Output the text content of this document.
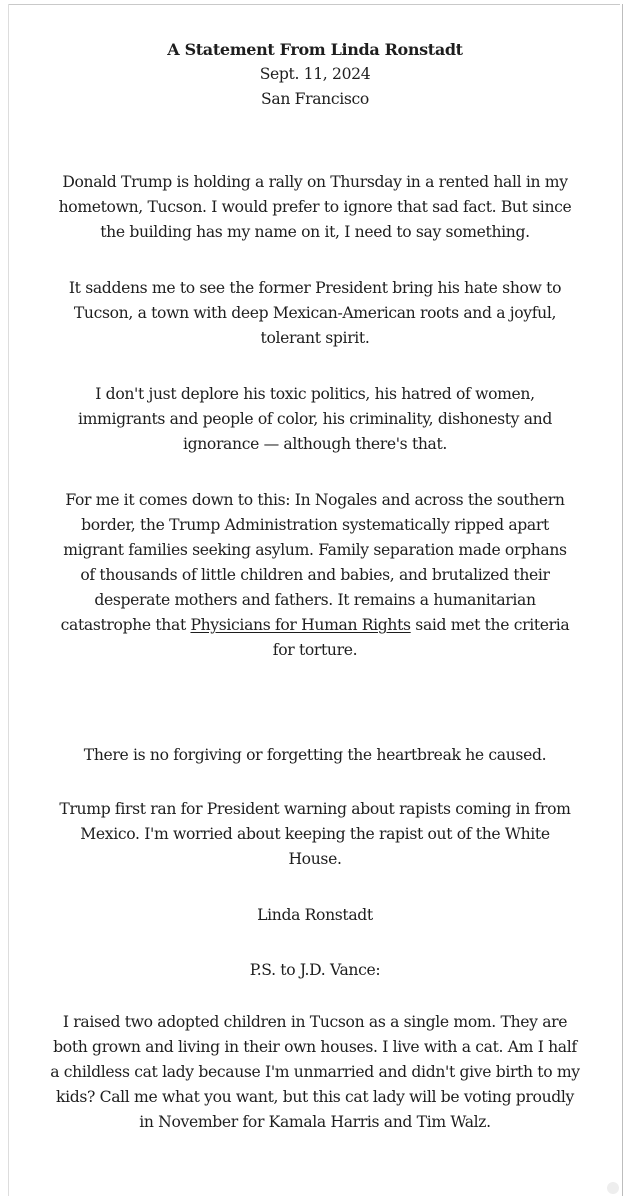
A Statement From Linda Ronstadt
Sept. 11, 2024
San Francisco
Donald Trump is holding a rally on Thursday in a rented hall in my
hometown, Tucson. I would prefer to ignore that sad fact. But since
the building has my name on it, I need to say something.
It saddens me to see the former President bring his hate show to
Tucson, a town with deep Mexican-American roots and a joyful,
tolerant spirit.
I don't just deplore his toxic politics, his hatred of women,
immigrants and people of color, his criminality, dishonesty and
ignorance — although there's that.
For me it comes down to this: In Nogales and across the southern
border, the Trump Administration systematically ripped apart
migrant families seeking asylum. Family separation made orphans
of thousands of little children and babies, and brutalized their
desperate mothers and fathers. It remains a humanitarian
catastrophe that Physicians for Human Rights said met the criteria
for torture.
There is no forgiving or forgetting the heartbreak he caused.
Trump first ran for President warning about rapists coming in from
Mexico. I'm worried about keeping the rapist out of the White
House.
Linda Ronstadt
P.S. to J.D. Vance:
I raised two adopted children in Tucson as a single mom. They are
both grown and living in their own houses. I live with a cat. Am I half
a childless cat lady because I'm unmarried and didn't give birth to my
kids? Call me what you want, but this cat lady will be voting proudly
in November for Kamala Harris and Tim Walz.
